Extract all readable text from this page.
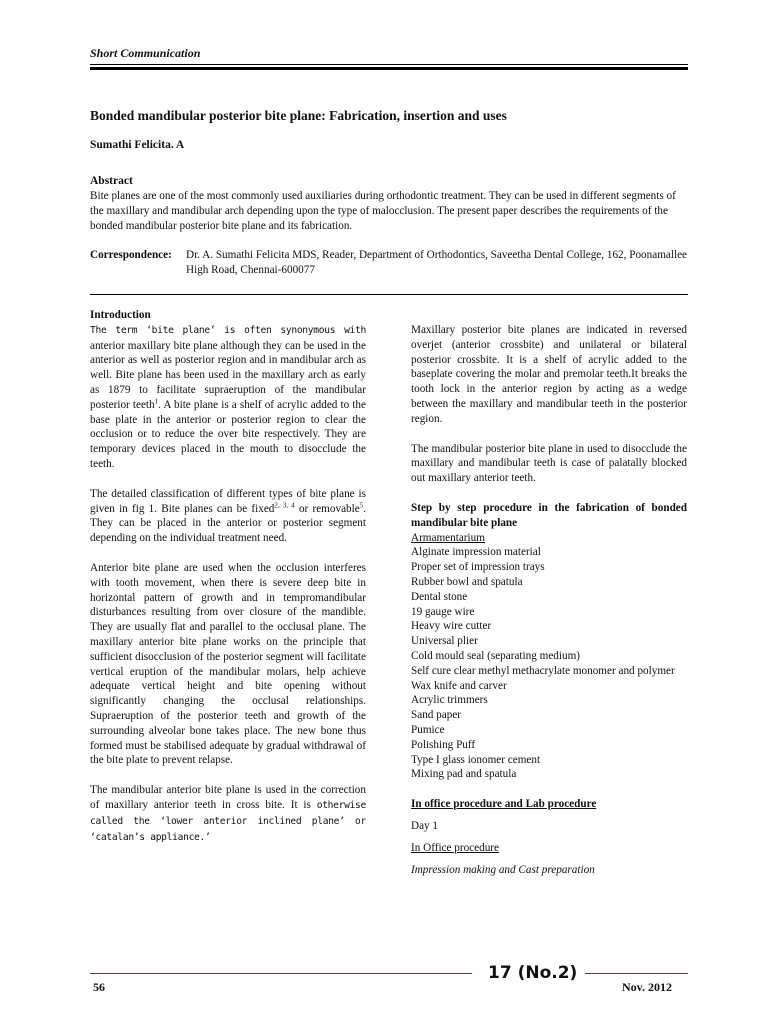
Short Communication
Bonded mandibular posterior bite plane: Fabrication, insertion and uses
Sumathi Felicita. A
Abstract
Bite planes are one of the most commonly used auxiliaries during orthodontic treatment. They can be used in different segments of the maxillary and mandibular arch depending upon the type of malocclusion. The present paper describes the requirements of the bonded mandibular posterior bite plane and its fabrication.
Correspondence: Dr. A. Sumathi Felicita MDS, Reader, Department of Orthodontics, Saveetha Dental College, 162, Poonamallee High Road, Chennai-600077

Introduction

The term ‘bite plane’ is often synonymous with anterior maxillary bite plane although they can be used in the anterior as well as posterior region and in mandibular arch as well. Bite plane has been used in the maxillary arch as early as 1879 to facilitate supraeruption of the mandibular posterior teeth$^1$. A bite plane is a shelf of acrylic added to the base plate in the anterior or posterior region to clear the occlusion or to reduce the over bite respectively. They are temporary devices placed in the mouth to disocclude the teeth.

The detailed classification of different types of bite plane is given in fig 1. Bite planes can be fixed$^{2, 3, 4}$ or removable$^5$. They can be placed in the anterior or posterior segment depending on the individual treatment need.

Anterior bite plane are used when the occlusion interferes with tooth movement, when there is severe deep bite in horizontal pattern of growth and in tempromandibular disturbances resulting from over closure of the mandible. They are usually flat and parallel to the occlusal plane. The maxillary anterior bite plane works on the principle that sufficient disocclusion of the posterior segment will facilitate vertical eruption of the mandibular molars, help achieve adequate vertical height and bite opening without significantly changing the occlusal relationships. Supraeruption of the posterior teeth and growth of the surrounding alveolar bone takes place. The new bone thus formed must be stabilised adequate by gradual withdrawal of the bite plate to prevent relapse.

The mandibular anterior bite plane is used in the correction of maxillary anterior teeth in cross bite. It is otherwise called the ‘lower anterior inclined plane’ or ‘catalan’s appliance.’

Maxillary posterior bite planes are indicated in reversed overjet (anterior crossbite) and unilateral or bilateral posterior crossbite. It is a shelf of acrylic added to the baseplate covering the molar and premolar teeth.It breaks the tooth lock in the anterior region by acting as a wedge between the maxillary and mandibular teeth in the posterior region.

The mandibular posterior bite plane in used to disocclude the maxillary and mandibular teeth is case of palatally blocked out maxillary anterior teeth.

Step by step procedure in the fabrication of bonded mandibular bite plane

Armamentarium

Alginate impression material
Proper set of impression trays
Rubber bowl and spatula
Dental stone
19 gauge wire
Heavy wire cutter
Universal plier
Cold mould seal (separating medium)
Self cure clear methyl methacrylate monomer and polymer
Wax knife and carver
Acrylic trimmers
Sand paper
Pumice
Polishing Puff
Type I glass ionomer cement
Mixing pad and spatula

In office procedure and Lab procedure

Day 1

In Office procedure

Impression making and Cast preparation

56
17 (No.2)
Nov. 2012
